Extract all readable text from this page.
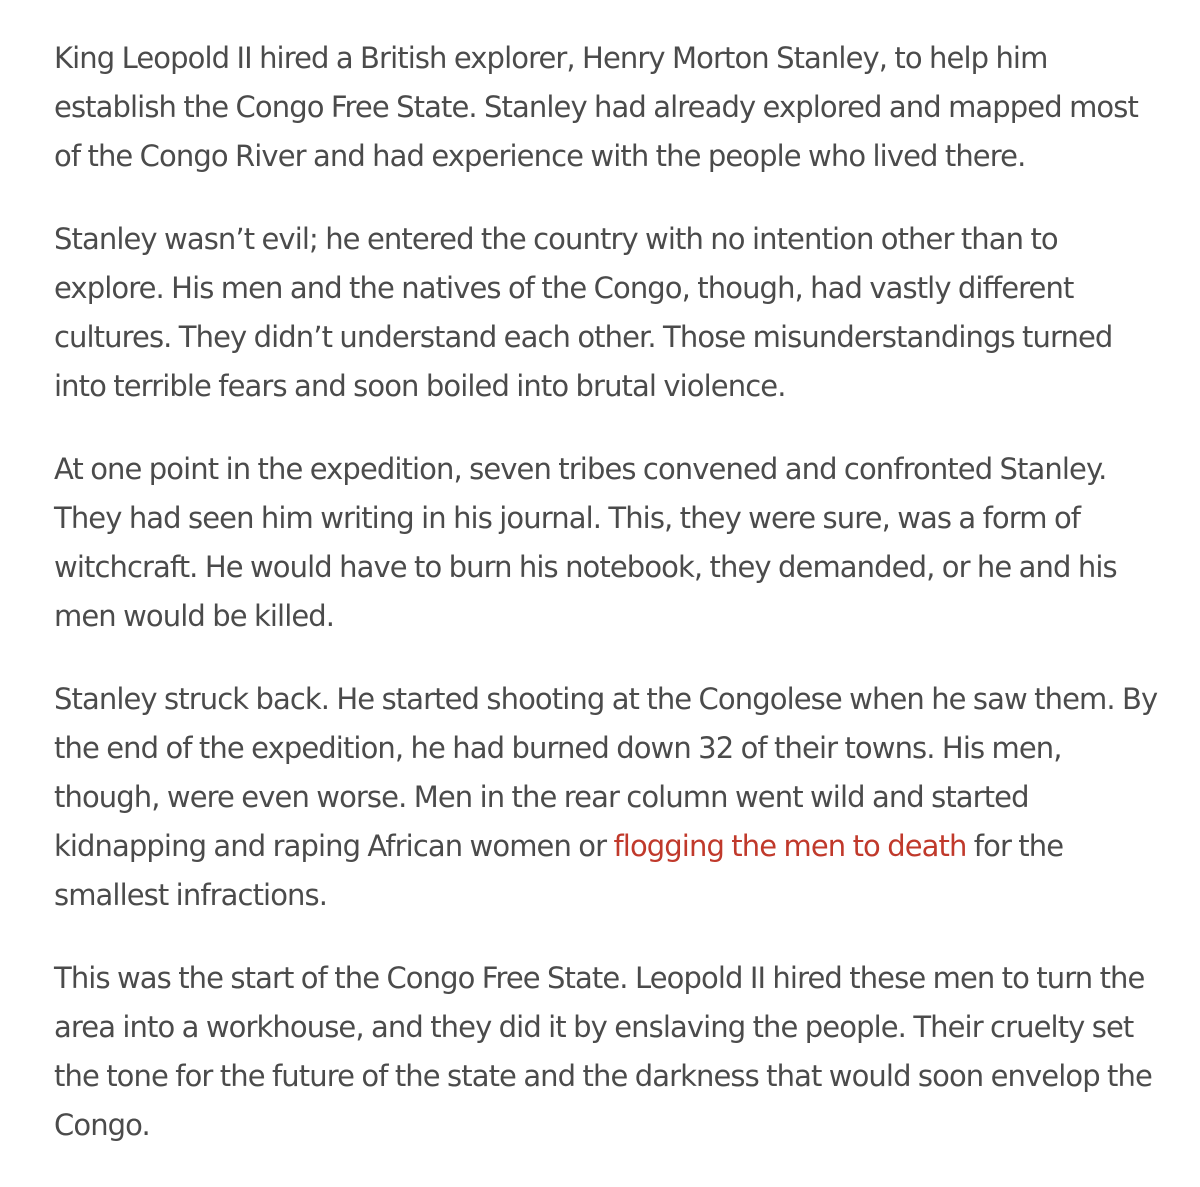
King Leopold II hired a British explorer, Henry Morton Stanley, to help him establish the Congo Free State. Stanley had already explored and mapped most of the Congo River and had experience with the people who lived there.

Stanley wasn’t evil; he entered the country with no intention other than to explore. His men and the natives of the Congo, though, had vastly different cultures. They didn’t understand each other. Those misunderstandings turned into terrible fears and soon boiled into brutal violence.

At one point in the expedition, seven tribes convened and confronted Stanley. They had seen him writing in his journal. This, they were sure, was a form of witchcraft. He would have to burn his notebook, they demanded, or he and his men would be killed.

Stanley struck back. He started shooting at the Congolese when he saw them. By the end of the expedition, he had burned down 32 of their towns. His men, though, were even worse. Men in the rear column went wild and started kidnapping and raping African women or flogging the men to death for the smallest infractions.

This was the start of the Congo Free State. Leopold II hired these men to turn the area into a workhouse, and they did it by enslaving the people. Their cruelty set the tone for the future of the state and the darkness that would soon envelop the Congo.
